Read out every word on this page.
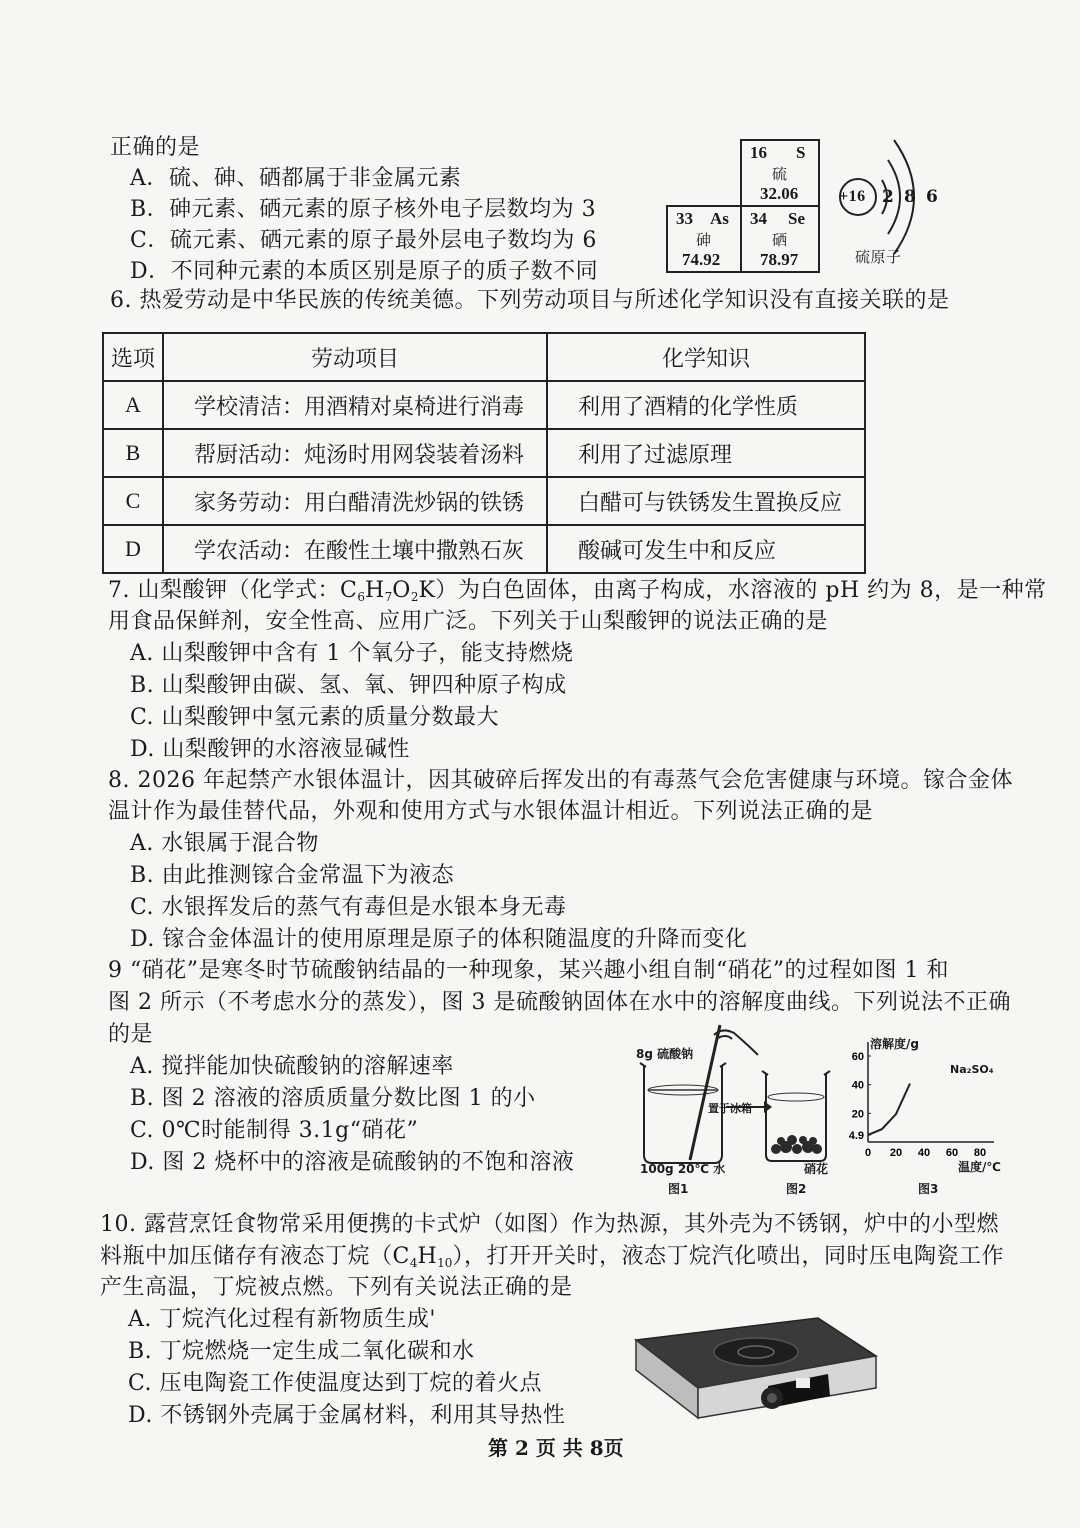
正确的是
A．硫、砷、硒都属于非金属元素
B．砷元素、硒元素的原子核外电子层数均为 3
C．硫元素、硒元素的原子最外层电子数均为 6
D．不同种元素的本质区别是原子的质子数不同
16 S
硫
32.06
33 As
砷
74.92
34 Se
硒
78.97
+16 2 8 6
硫原子
6. 热爱劳动是中华民族的传统美德。下列劳动项目与所述化学知识没有直接关联的是
选项	劳动项目	化学知识
A	学校清洁：用酒精对桌椅进行消毒	利用了酒精的化学性质
B	帮厨活动：炖汤时用网袋装着汤料	利用了过滤原理
C	家务劳动：用白醋清洗炒锅的铁锈	白醋可与铁锈发生置换反应
D	学农活动：在酸性土壤中撒熟石灰	酸碱可发生中和反应
7. 山梨酸钾（化学式：$C_6H_7O_2K$）为白色固体，由离子构成，水溶液的 pH 约为 8，是一种常
用食品保鲜剂，安全性高、应用广泛。下列关于山梨酸钾的说法正确的是
A. 山梨酸钾中含有 1 个氧分子，能支持燃烧
B. 山梨酸钾由碳、氢、氧、钾四种原子构成
C. 山梨酸钾中氢元素的质量分数最大
D. 山梨酸钾的水溶液显碱性
8. 2026 年起禁产水银体温计，因其破碎后挥发出的有毒蒸气会危害健康与环境。镓合金体
温计作为最佳替代品，外观和使用方式与水银体温计相近。下列说法正确的是
A. 水银属于混合物
B. 由此推测镓合金常温下为液态
C. 水银挥发后的蒸气有毒但是水银本身无毒
D. 镓合金体温计的使用原理是原子的体积随温度的升降而变化
9 “硝花”是寒冬时节硫酸钠结晶的一种现象，某兴趣小组自制“硝花”的过程如图 1 和
图 2 所示（不考虑水分的蒸发），图 3 是硫酸钠固体在水中的溶解度曲线。下列说法不正确
的是
A. 搅拌能加快硫酸钠的溶解速率
B. 图 2 溶液的溶质质量分数比图 1 的小
C. 0℃时能制得 3.1g“硝花”
D. 图 2 烧杯中的溶液是硫酸钠的不饱和溶液
8g 硫酸钠
置于冰箱
100g 20℃ 水	硝花
图1	图2
4.9
20
40
60
0 20 40 60 80
溶解度/g
Na₂SO₄
温度/℃
图3
10. 露营烹饪食物常采用便携的卡式炉（如图）作为热源，其外壳为不锈钢，炉中的小型燃
料瓶中加压储存有液态丁烷$(C_4H_{10})$，打开开关时，液态丁烷汽化喷出，同时压电陶瓷工作
产生高温，丁烷被点燃。下列有关说法正确的是
A. 丁烷汽化过程有新物质生成'
B. 丁烷燃烧一定生成二氧化碳和水
C. 压电陶瓷工作使温度达到丁烷的着火点
D. 不锈钢外壳属于金属材料，利用其导热性
第 2 页 共 8页
